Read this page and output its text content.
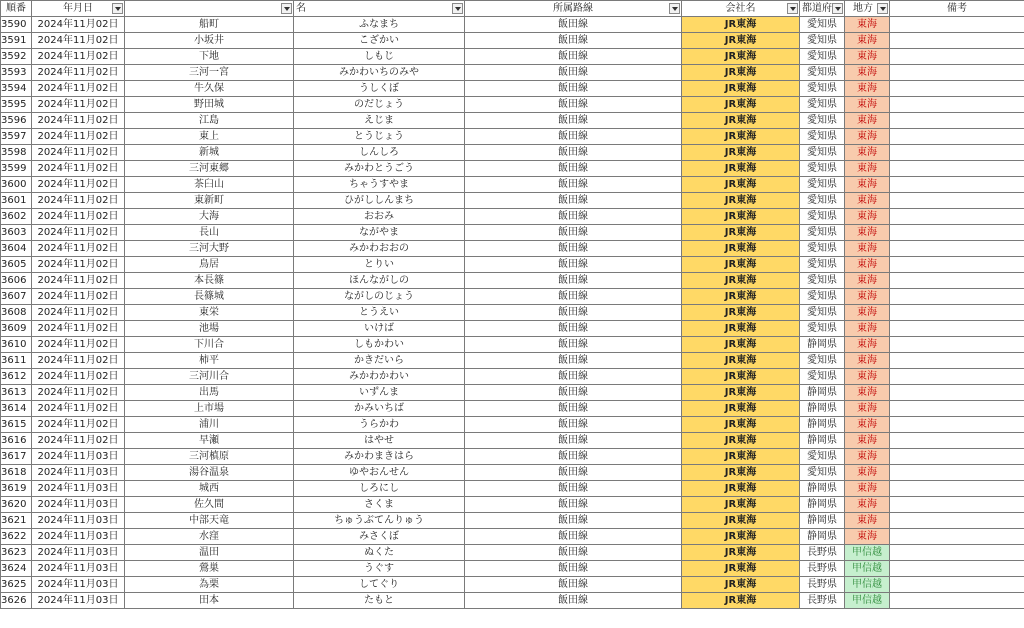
順番	年月日		名	所属路線	会社名	都道府	地方	備考
3590	2024年11月02日	船町	ふなまち	飯田線	JR東海	愛知県	東海	
3591	2024年11月02日	小坂井	こざかい	飯田線	JR東海	愛知県	東海	
3592	2024年11月02日	下地	しもじ	飯田線	JR東海	愛知県	東海	
3593	2024年11月02日	三河一宮	みかわいちのみや	飯田線	JR東海	愛知県	東海	
3594	2024年11月02日	牛久保	うしくぼ	飯田線	JR東海	愛知県	東海	
3595	2024年11月02日	野田城	のだじょう	飯田線	JR東海	愛知県	東海	
3596	2024年11月02日	江島	えじま	飯田線	JR東海	愛知県	東海	
3597	2024年11月02日	東上	とうじょう	飯田線	JR東海	愛知県	東海	
3598	2024年11月02日	新城	しんしろ	飯田線	JR東海	愛知県	東海	
3599	2024年11月02日	三河東郷	みかわとうごう	飯田線	JR東海	愛知県	東海	
3600	2024年11月02日	茶臼山	ちゃうすやま	飯田線	JR東海	愛知県	東海	
3601	2024年11月02日	東新町	ひがししんまち	飯田線	JR東海	愛知県	東海	
3602	2024年11月02日	大海	おおみ	飯田線	JR東海	愛知県	東海	
3603	2024年11月02日	長山	ながやま	飯田線	JR東海	愛知県	東海	
3604	2024年11月02日	三河大野	みかわおおの	飯田線	JR東海	愛知県	東海	
3605	2024年11月02日	鳥居	とりい	飯田線	JR東海	愛知県	東海	
3606	2024年11月02日	本長篠	ほんながしの	飯田線	JR東海	愛知県	東海	
3607	2024年11月02日	長篠城	ながしのじょう	飯田線	JR東海	愛知県	東海	
3608	2024年11月02日	東栄	とうえい	飯田線	JR東海	愛知県	東海	
3609	2024年11月02日	池場	いけば	飯田線	JR東海	愛知県	東海	
3610	2024年11月02日	下川合	しもかわい	飯田線	JR東海	静岡県	東海	
3611	2024年11月02日	柿平	かきだいら	飯田線	JR東海	愛知県	東海	
3612	2024年11月02日	三河川合	みかわかわい	飯田線	JR東海	愛知県	東海	
3613	2024年11月02日	出馬	いずんま	飯田線	JR東海	静岡県	東海	
3614	2024年11月02日	上市場	かみいちば	飯田線	JR東海	静岡県	東海	
3615	2024年11月02日	浦川	うらかわ	飯田線	JR東海	静岡県	東海	
3616	2024年11月02日	早瀬	はやせ	飯田線	JR東海	静岡県	東海	
3617	2024年11月03日	三河槙原	みかわまきはら	飯田線	JR東海	愛知県	東海	
3618	2024年11月03日	湯谷温泉	ゆやおんせん	飯田線	JR東海	愛知県	東海	
3619	2024年11月03日	城西	しろにし	飯田線	JR東海	静岡県	東海	
3620	2024年11月03日	佐久間	さくま	飯田線	JR東海	静岡県	東海	
3621	2024年11月03日	中部天竜	ちゅうぶてんりゅう	飯田線	JR東海	静岡県	東海	
3622	2024年11月03日	水窪	みさくぼ	飯田線	JR東海	静岡県	東海	
3623	2024年11月03日	温田	ぬくた	飯田線	JR東海	長野県	甲信越	
3624	2024年11月03日	鶯巣	うぐす	飯田線	JR東海	長野県	甲信越	
3625	2024年11月03日	為栗	してぐり	飯田線	JR東海	長野県	甲信越	
3626	2024年11月03日	田本	たもと	飯田線	JR東海	長野県	甲信越	
